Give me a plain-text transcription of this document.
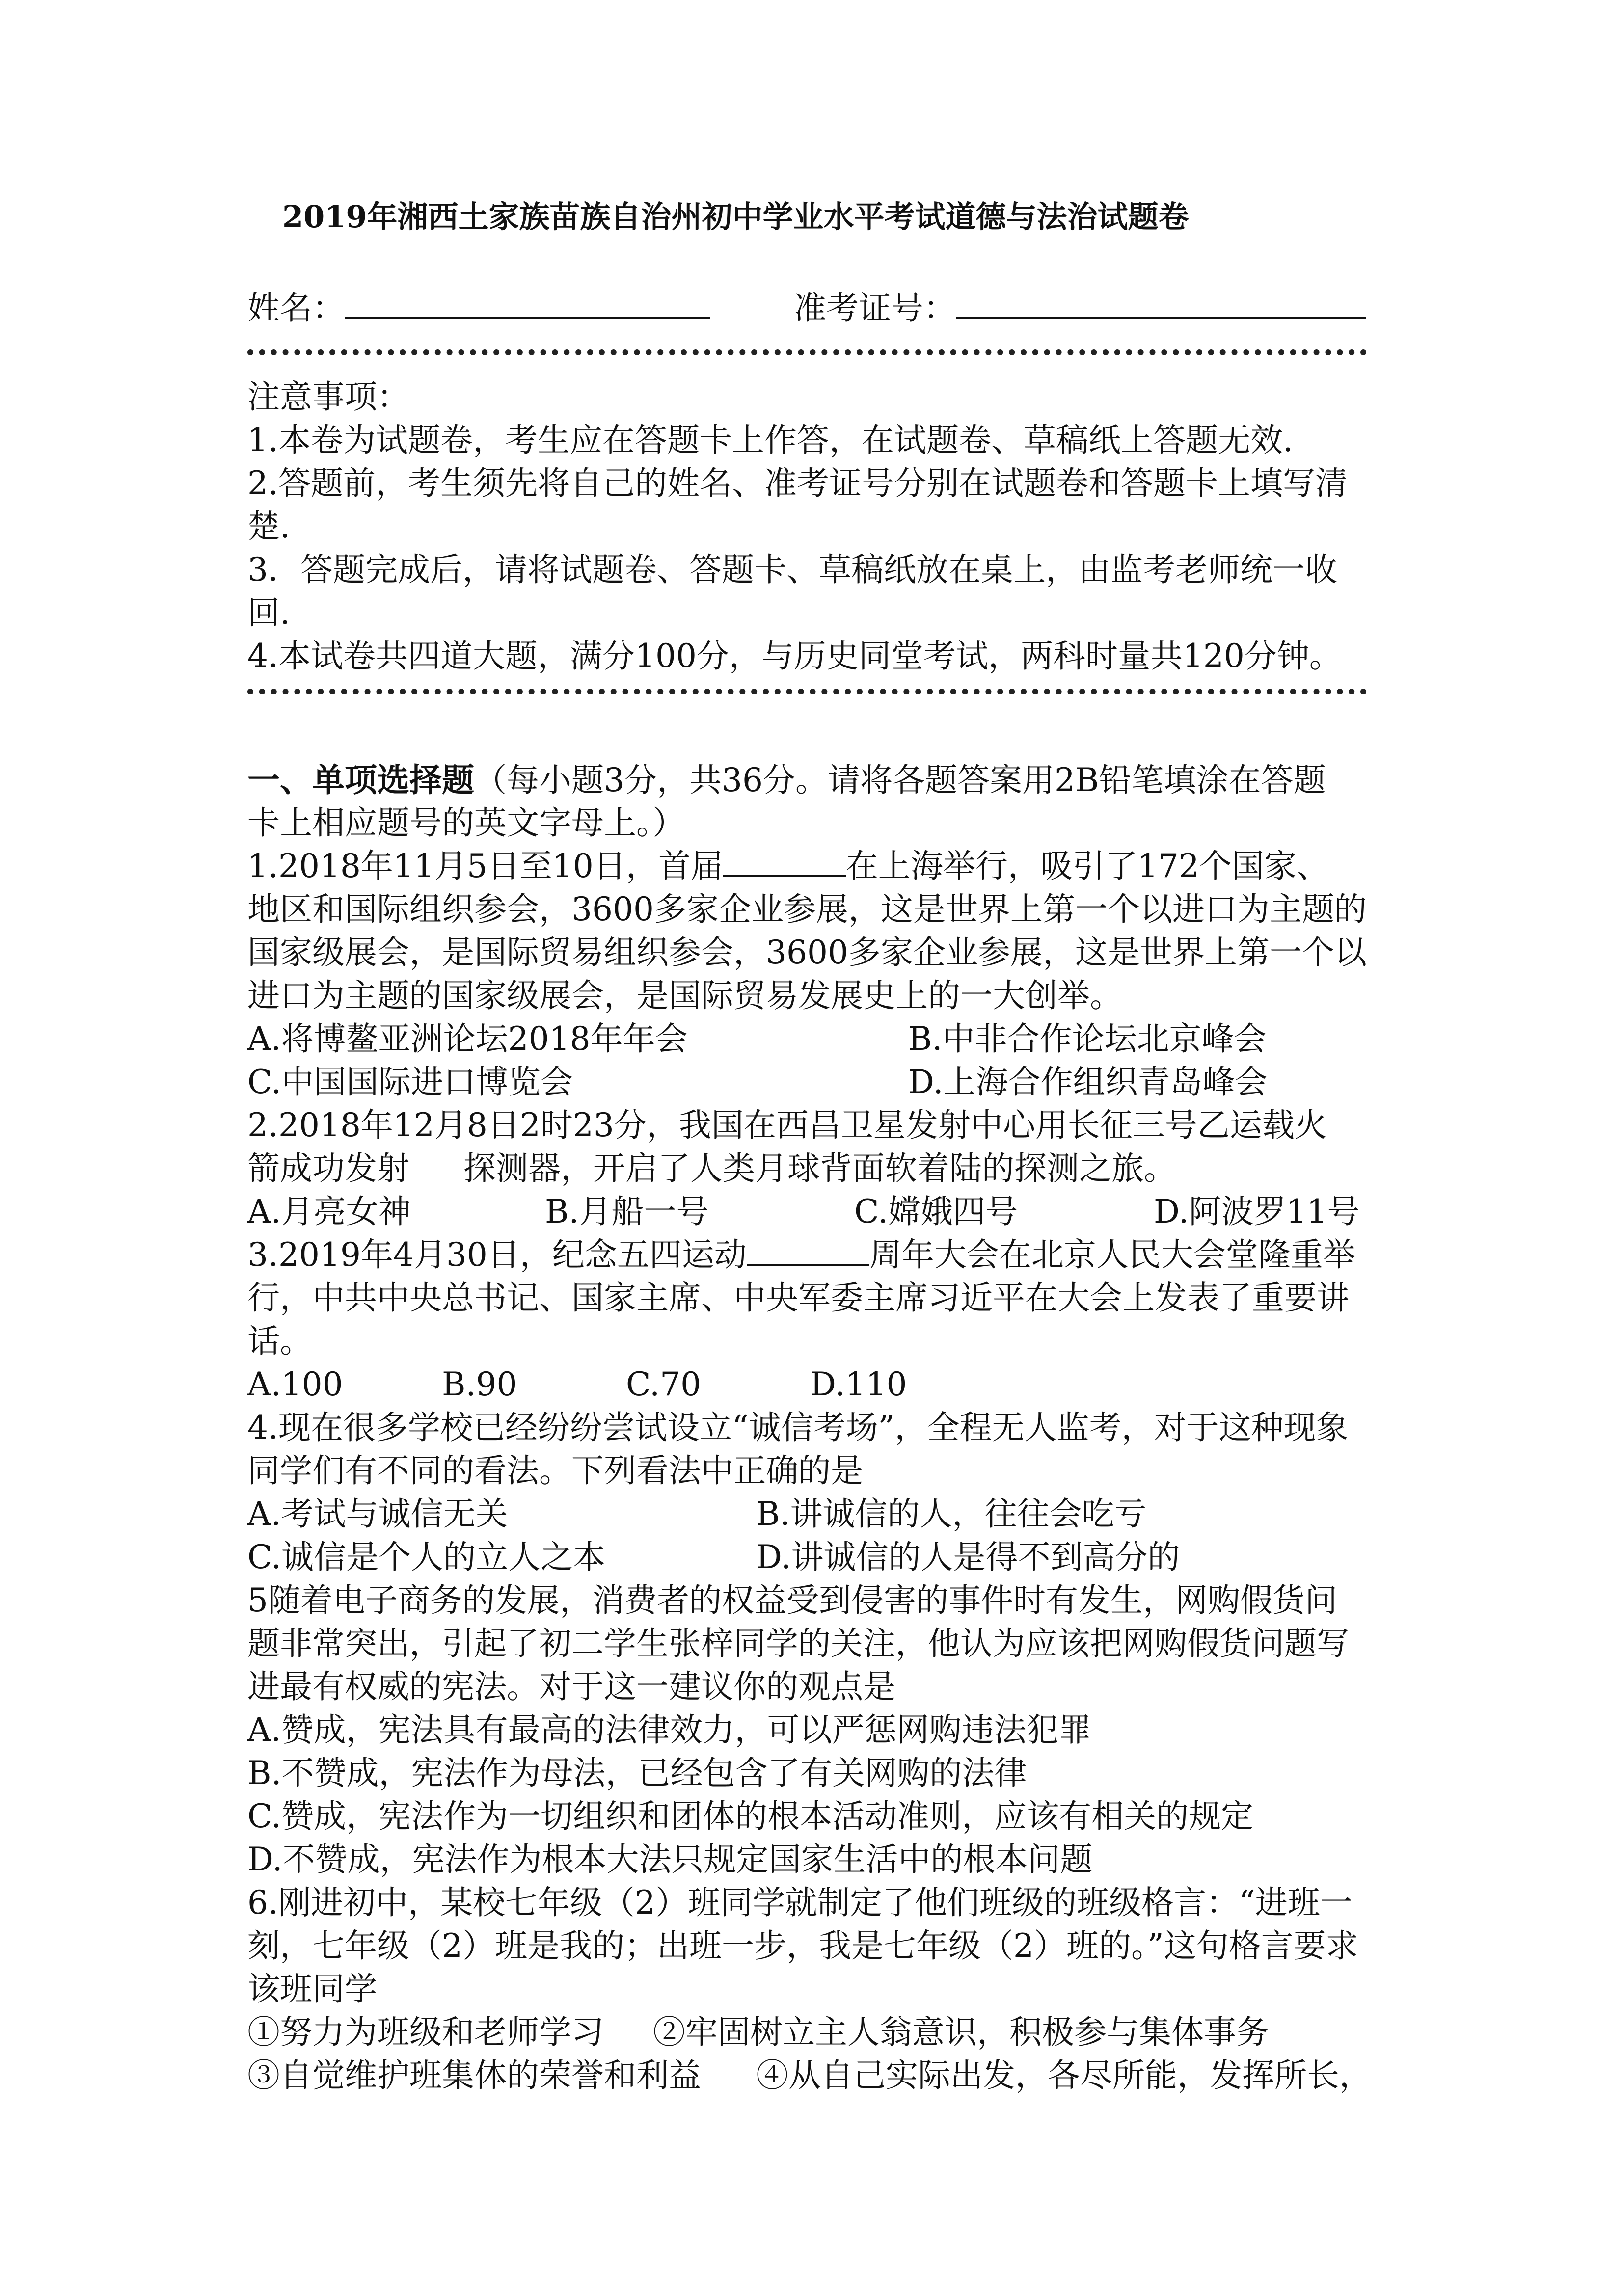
2019年湘西土家族苗族自治州初中学业水平考试道德与法治试题卷
姓名：	准考证号：
注意事项：
1.本卷为试题卷，考生应在答题卡上作答，在试题卷、草稿纸上答题无效.
2.答题前，考生须先将自己的姓名、准考证号分别在试题卷和答题卡上填写清
楚.
3．答题完成后，请将试题卷、答题卡、草稿纸放在桌上，由监考老师统一收
回.
4.本试卷共四道大题，满分100分，与历史同堂考试，两科时量共120分钟。
一、单项选择题（每小题3分，共36分。请将各题答案用2B铅笔填涂在答题
卡上相应题号的英文字母上。）
1.2018年11月5日至10日，首届	在上海举行，吸引了172个国家、
地区和国际组织参会，3600多家企业参展，这是世界上第一个以进口为主题的
国家级展会，是国际贸易组织参会，3600多家企业参展，这是世界上第一个以
进口为主题的国家级展会，是国际贸易发展史上的一大创举。
A.将博鳌亚洲论坛2018年年会	B.中非合作论坛北京峰会
C.中国国际进口博览会	D.上海合作组织青岛峰会
2.2018年12月8日2时23分，我国在西昌卫星发射中心用长征三号乙运载火
箭成功发射 探测器，开启了人类月球背面软着陆的探测之旅。
A.月亮女神	B.月船一号	C.嫦娥四号	D.阿波罗11号
3.2019年4月30日，纪念五四运动	周年大会在北京人民大会堂隆重举
行，中共中央总书记、国家主席、中央军委主席习近平在大会上发表了重要讲
话。
A.100	B.90	C.70	D.110
4.现在很多学校已经纷纷尝试设立“诚信考场”，全程无人监考，对于这种现象
同学们有不同的看法。下列看法中正确的是
A.考试与诚信无关	B.讲诚信的人，往往会吃亏
C.诚信是个人的立人之本	D.讲诚信的人是得不到高分的
5随着电子商务的发展，消费者的权益受到侵害的事件时有发生，网购假货问
题非常突出，引起了初二学生张梓同学的关注，他认为应该把网购假货问题写
进最有权威的宪法。对于这一建议你的观点是
A.赞成，宪法具有最高的法律效力，可以严惩网购违法犯罪
B.不赞成，宪法作为母法，已经包含了有关网购的法律
C.赞成，宪法作为一切组织和团体的根本活动准则，应该有相关的规定
D.不赞成，宪法作为根本大法只规定国家生活中的根本问题
6.刚进初中，某校七年级（2）班同学就制定了他们班级的班级格言：“进班一
刻，七年级（2）班是我的；出班一步，我是七年级（2）班的。”这句格言要求
该班同学
①努力为班级和老师学习 ②牢固树立主人翁意识，积极参与集体事务
③自觉维护班集体的荣誉和利益 ④从自己实际出发，各尽所能，发挥所长，
